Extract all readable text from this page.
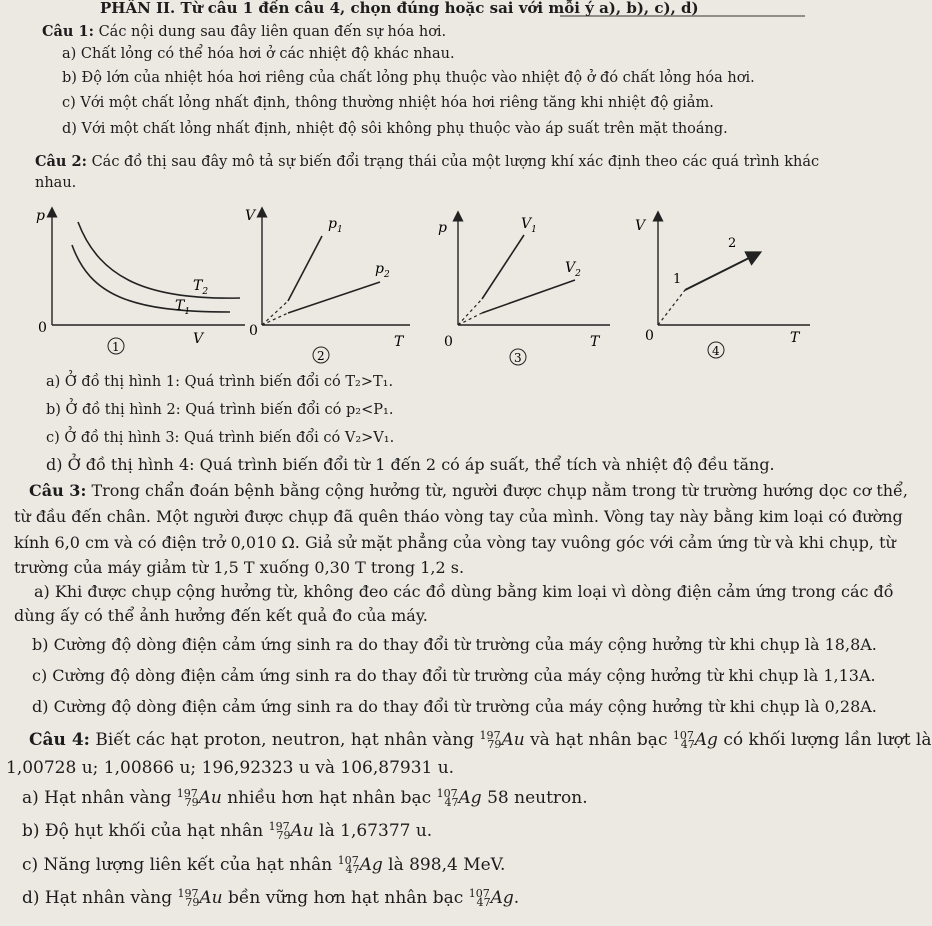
PHẦN II. Từ câu 1 đến câu 4, chọn đúng hoặc sai với mỗi ý a), b), c), d)
Câu 1: Các nội dung sau đây liên quan đến sự hóa hơi.
a) Chất lỏng có thể hóa hơi ở các nhiệt độ khác nhau.
b) Độ lớn của nhiệt hóa hơi riêng của chất lỏng phụ thuộc vào nhiệt độ ở đó chất lỏng hóa hơi.
c) Với một chất lỏng nhất định, thông thường nhiệt hóa hơi riêng tăng khi nhiệt độ giảm.
d) Với một chất lỏng nhất định, nhiệt độ sôi không phụ thuộc vào áp suất trên mặt thoáng.
Câu 2: Các đồ thị sau đây mô tả sự biến đổi trạng thái của một lượng khí xác định theo các quá trình khác
nhau.
p
0
V
$T_2$
$T_1$
1
V
0
T
$p_1$
$p_2$
2
p
0	T
$V_1$
$V_2$
3
V
0	T
1
2
4
a) Ở đồ thị hình 1: Quá trình biến đổi có T₂>T₁.
b) Ở đồ thị hình 2: Quá trình biến đổi có p₂<P₁.
c) Ở đồ thị hình 3: Quá trình biến đổi có V₂>V₁.
d) Ở đồ thị hình 4: Quá trình biến đổi từ 1 đến 2 có áp suất, thể tích và nhiệt độ đều tăng.
Câu 3: Trong chẩn đoán bệnh bằng cộng hưởng từ, người được chụp nằm trong từ trường hướng dọc cơ thể,
từ đầu đến chân. Một người được chụp đã quên tháo vòng tay của mình. Vòng tay này bằng kim loại có đường
kính 6,0 cm và có điện trở 0,010 Ω. Giả sử mặt phẳng của vòng tay vuông góc với cảm ứng từ và khi chụp, từ
trường của máy giảm từ 1,5 T xuống 0,30 T trong 1,2 s.
a) Khi được chụp cộng hưởng từ, không đeo các đồ dùng bằng kim loại vì dòng điện cảm ứng trong các đồ
dùng ấy có thể ảnh hưởng đến kết quả đo của máy.
b) Cường độ dòng điện cảm ứng sinh ra do thay đổi từ trường của máy cộng hưởng từ khi chụp là 18,8A.
c) Cường độ dòng điện cảm ứng sinh ra do thay đổi từ trường của máy cộng hưởng từ khi chụp là 1,13A.
d) Cường độ dòng điện cảm ứng sinh ra do thay đổi từ trường của máy cộng hưởng từ khi chụp là 0,28A.
Câu 4: Biết các hạt proton, neutron, hạt nhân vàng $^{197}$79Au và hạt nhân bạc $^{107}$47Ag có khối lượng lần lượt là
1,00728 u; 1,00866 u; 196,92323 u và 106,87931 u.
a) Hạt nhân vàng $^{197}$79Au nhiều hơn hạt nhân bạc $^{107}$47Ag 58 neutron.
b) Độ hụt khối của hạt nhân $^{197}$79Au là 1,67377 u.
c) Năng lượng liên kết của hạt nhân $^{107}$47Ag là 898,4 MeV.
d) Hạt nhân vàng $^{197}$79Au bền vững hơn hạt nhân bạc $^{107}$47Ag.
